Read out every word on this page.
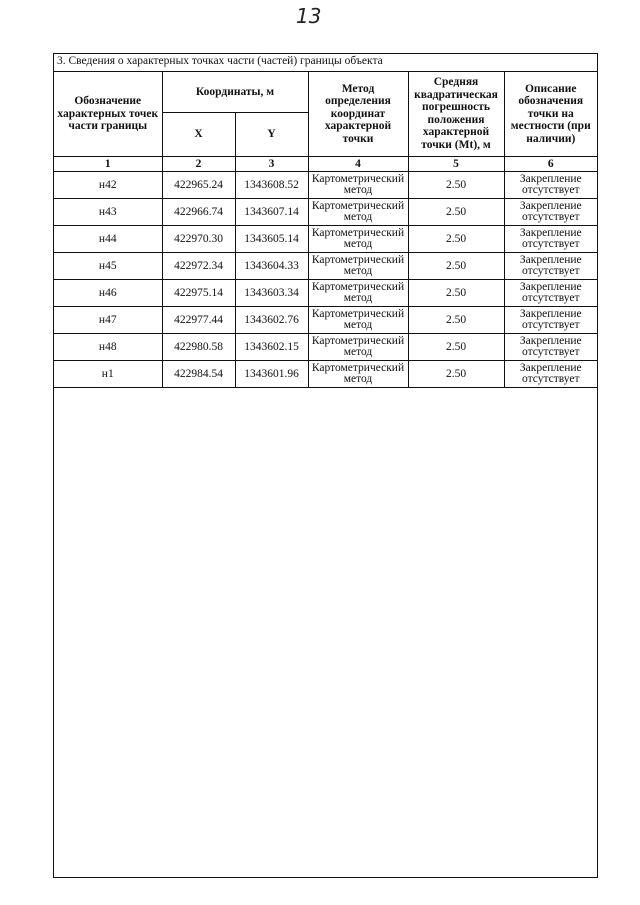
13
3. Сведения о характерных точках части (частей) границы объекта
Обозначение характерных точек части границы	Координаты, м		Метод определения координат характерной точки	Средняя квадратическая погрешность положения характерной точки (Mt), м	Описание обозначения точки на местности (при наличии)
	X	Y			
1	2	3	4	5	6
н42	422965.24	1343608.52	Картометрический метод	2.50	Закрепление отсутствует
н43	422966.74	1343607.14	Картометрический метод	2.50	Закрепление отсутствует
н44	422970.30	1343605.14	Картометрический метод	2.50	Закрепление отсутствует
н45	422972.34	1343604.33	Картометрический метод	2.50	Закрепление отсутствует
н46	422975.14	1343603.34	Картометрический метод	2.50	Закрепление отсутствует
н47	422977.44	1343602.76	Картометрический метод	2.50	Закрепление отсутствует
н48	422980.58	1343602.15	Картометрический метод	2.50	Закрепление отсутствует
н1	422984.54	1343601.96	Картометрический метод	2.50	Закрепление отсутствует
